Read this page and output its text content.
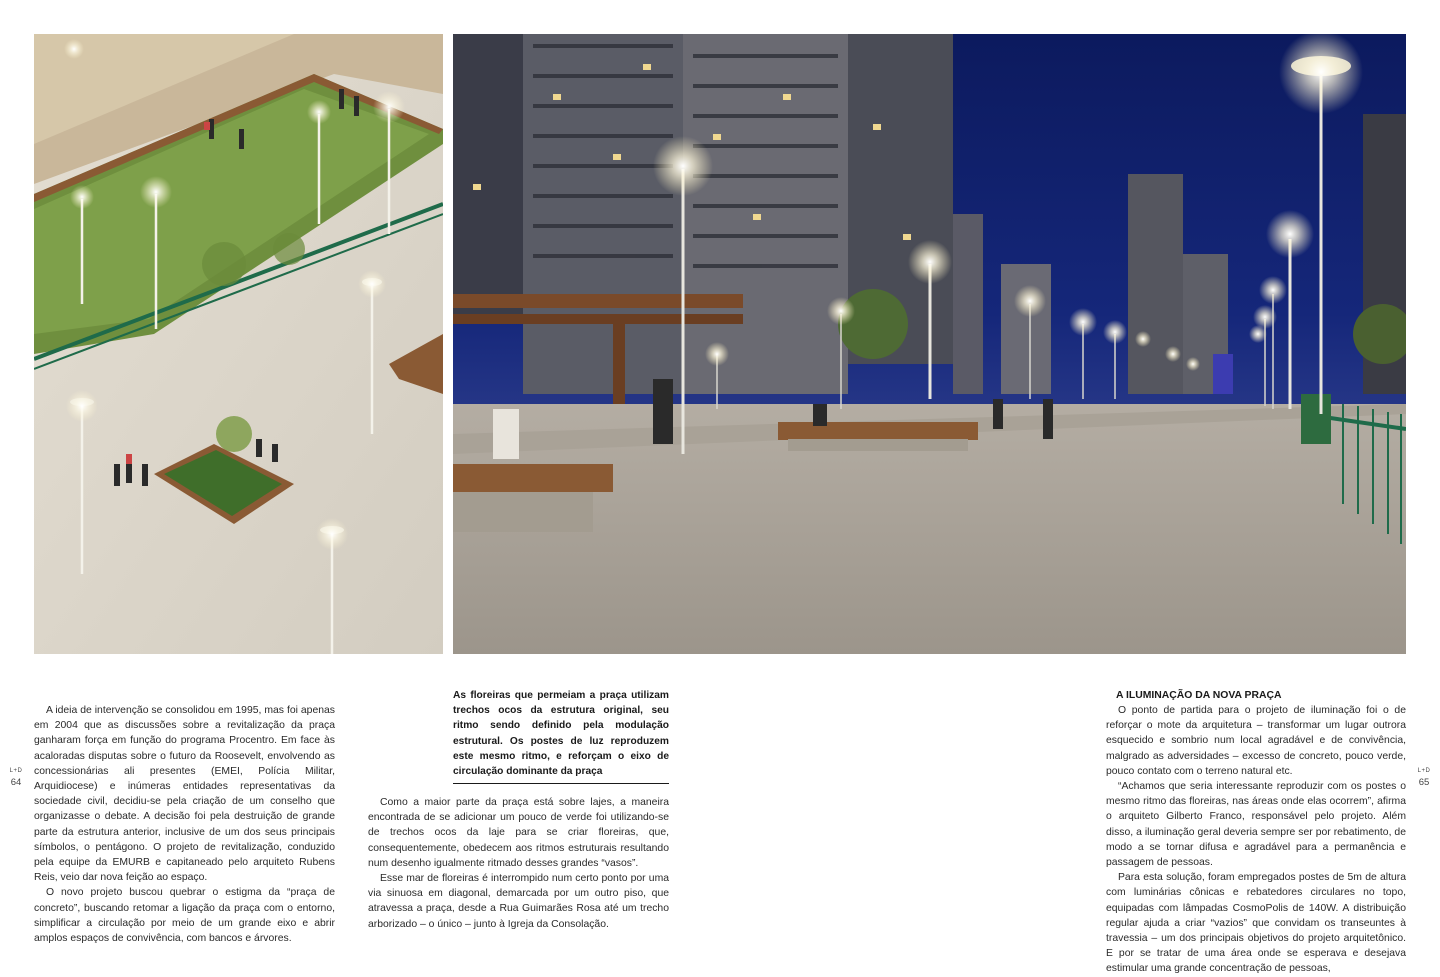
A ideia de intervenção se consolidou em 1995, mas foi apenas em 2004 que as discussões sobre a revitalização da praça ganharam força em função do programa Procentro. Em face às acaloradas disputas sobre o futuro da Roosevelt, envolvendo as concessionárias ali presentes (EMEI, Polícia Militar, Arquidiocese) e inúmeras entidades representativas da sociedade civil, decidiu-se pela criação de um conselho que organizasse o debate. A decisão foi pela destruição de grande parte da estrutura anterior, inclusive de um dos seus principais símbolos, o pentágono. O projeto de revitalização, conduzido pela equipe da EMURB e capitaneado pelo arquiteto Rubens Reis, veio dar nova feição ao espaço.

O novo projeto buscou quebrar o estigma da “praça de concreto”, buscando retomar a ligação da praça com o entorno, simplificar a circulação por meio de um grande eixo e abrir amplos espaços de convivência, com bancos e árvores.

As floreiras que permeiam a praça utilizam trechos ocos da estrutura original, seu ritmo sendo definido pela modulação estrutural. Os postes de luz reproduzem este mesmo ritmo, e reforçam o eixo de circulação dominante da praça

Como a maior parte da praça está sobre lajes, a maneira encontrada de se adicionar um pouco de verde foi utilizando-se de trechos ocos da laje para se criar floreiras, que, consequentemente, obedecem aos ritmos estruturais resultando num desenho igualmente ritmado desses grandes “vasos”.

Esse mar de floreiras é interrompido num certo ponto por uma via sinuosa em diagonal, demarcada por um outro piso, que atravessa a praça, desde a Rua Guimarães Rosa até um trecho arborizado – o único – junto à Igreja da Consolação.

A ILUMINAÇÃO DA NOVA PRAÇA

O ponto de partida para o projeto de iluminação foi o de reforçar o mote da arquitetura – transformar um lugar outrora esquecido e sombrio num local agradável e de convivência, malgrado as adversidades – excesso de concreto, pouco verde, pouco contato com o terreno natural etc.

“Achamos que seria interessante reproduzir com os postes o mesmo ritmo das floreiras, nas áreas onde elas ocorrem”, afirma o arquiteto Gilberto Franco, responsável pelo projeto. Além disso, a iluminação geral deveria sempre ser por rebatimento, de modo a se tornar difusa e agradável para a permanência e passagem de pessoas.

Para esta solução, foram empregados postes de 5m de altura com luminárias cônicas e rebatedores circulares no topo, equipadas com lâmpadas CosmoPolis de 140W. A distribuição regular ajuda a criar “vazios” que convidam os transeuntes à travessia – um dos principais objetivos do projeto arquitetônico. E por se tratar de uma área onde se esperava e desejava estimular uma grande concentração de pessoas,

L+D
64
L+D
65
